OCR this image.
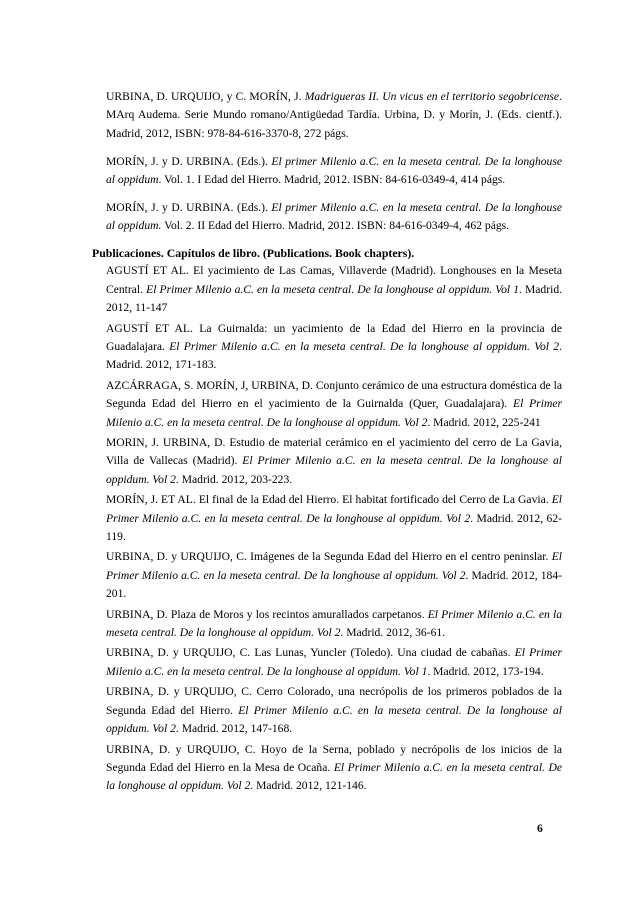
URBINA, D. URQUIJO, y C. MORÍN, J. Madrigueras II. Un vicus en el territorio segobricense. MArq Audema. Serie Mundo romano/Antigüedad Tardía. Urbina, D. y Morín, J. (Eds. cientf.). Madrid, 2012, ISBN: 978-84-616-3370-8, 272 págs.
MORÍN, J. y D. URBINA. (Eds.). El primer Milenio a.C. en la meseta central. De la longhouse al oppidum. Vol. 1. I Edad del Hierro. Madrid, 2012. ISBN: 84-616-0349-4, 414 págs.
MORÍN, J. y D. URBINA. (Eds.). El primer Milenio a.C. en la meseta central. De la longhouse al oppidum. Vol. 2. II Edad del Hierro. Madrid, 2012. ISBN: 84-616-0349-4, 462 págs.
Publicaciones. Capítulos de libro. (Publications. Book chapters).
AGUSTÍ ET AL. El yacimiento de Las Camas, Villaverde (Madrid). Longhouses en la Meseta Central. El Primer Milenio a.C. en la meseta central. De la longhouse al oppidum. Vol 1. Madrid. 2012, 11-147
AGUSTÍ ET AL. La Guirnalda: un yacimiento de la Edad del Hierro en la provincia de Guadalajara. El Primer Milenio a.C. en la meseta central. De la longhouse al oppidum. Vol 2. Madrid. 2012, 171-183.
AZCÁRRAGA, S. MORÍN, J, URBINA, D. Conjunto cerámico de una estructura doméstica de la Segunda Edad del Hierro en el yacimiento de la Guirnalda (Quer, Guadalajara). El Primer Milenio a.C. en la meseta central. De la longhouse al oppidum. Vol 2. Madrid. 2012, 225-241
MORIN, J. URBINA, D. Estudio de material cerámico en el yacimiento del cerro de La Gavia, Villa de Vallecas (Madrid). El Primer Milenio a.C. en la meseta central. De la longhouse al oppidum. Vol 2. Madrid. 2012, 203-223.
MORÍN, J. ET AL. El final de la Edad del Hierro. El habitat fortificado del Cerro de La Gavia. El Primer Milenio a.C. en la meseta central. De la longhouse al oppidum. Vol 2. Madrid. 2012, 62-119.
URBINA, D. y URQUIJO, C. Imágenes de la Segunda Edad del Hierro en el centro peninslar. El Primer Milenio a.C. en la meseta central. De la longhouse al oppidum. Vol 2. Madrid. 2012, 184-201.
URBINA, D. Plaza de Moros y los recintos amurallados carpetanos. El Primer Milenio a.C. en la meseta central. De la longhouse al oppidum. Vol 2. Madrid. 2012, 36-61.
URBINA, D. y URQUIJO, C. Las Lunas, Yuncler (Toledo). Una ciudad de cabañas. El Primer Milenio a.C. en la meseta central. De la longhouse al oppidum. Vol 1. Madrid. 2012, 173-194.
URBINA, D. y URQUIJO, C. Cerro Colorado, una necrópolis de los primeros poblados de la Segunda Edad del Hierro. El Primer Milenio a.C. en la meseta central. De la longhouse al oppidum. Vol 2. Madrid. 2012, 147-168.
URBINA, D. y URQUIJO, C. Hoyo de la Serna, poblado y necrópolis de los inicios de la Segunda Edad del Hierro en la Mesa de Ocaña. El Primer Milenio a.C. en la meseta central. De la longhouse al oppidum. Vol 2. Madrid. 2012, 121-146.
6
